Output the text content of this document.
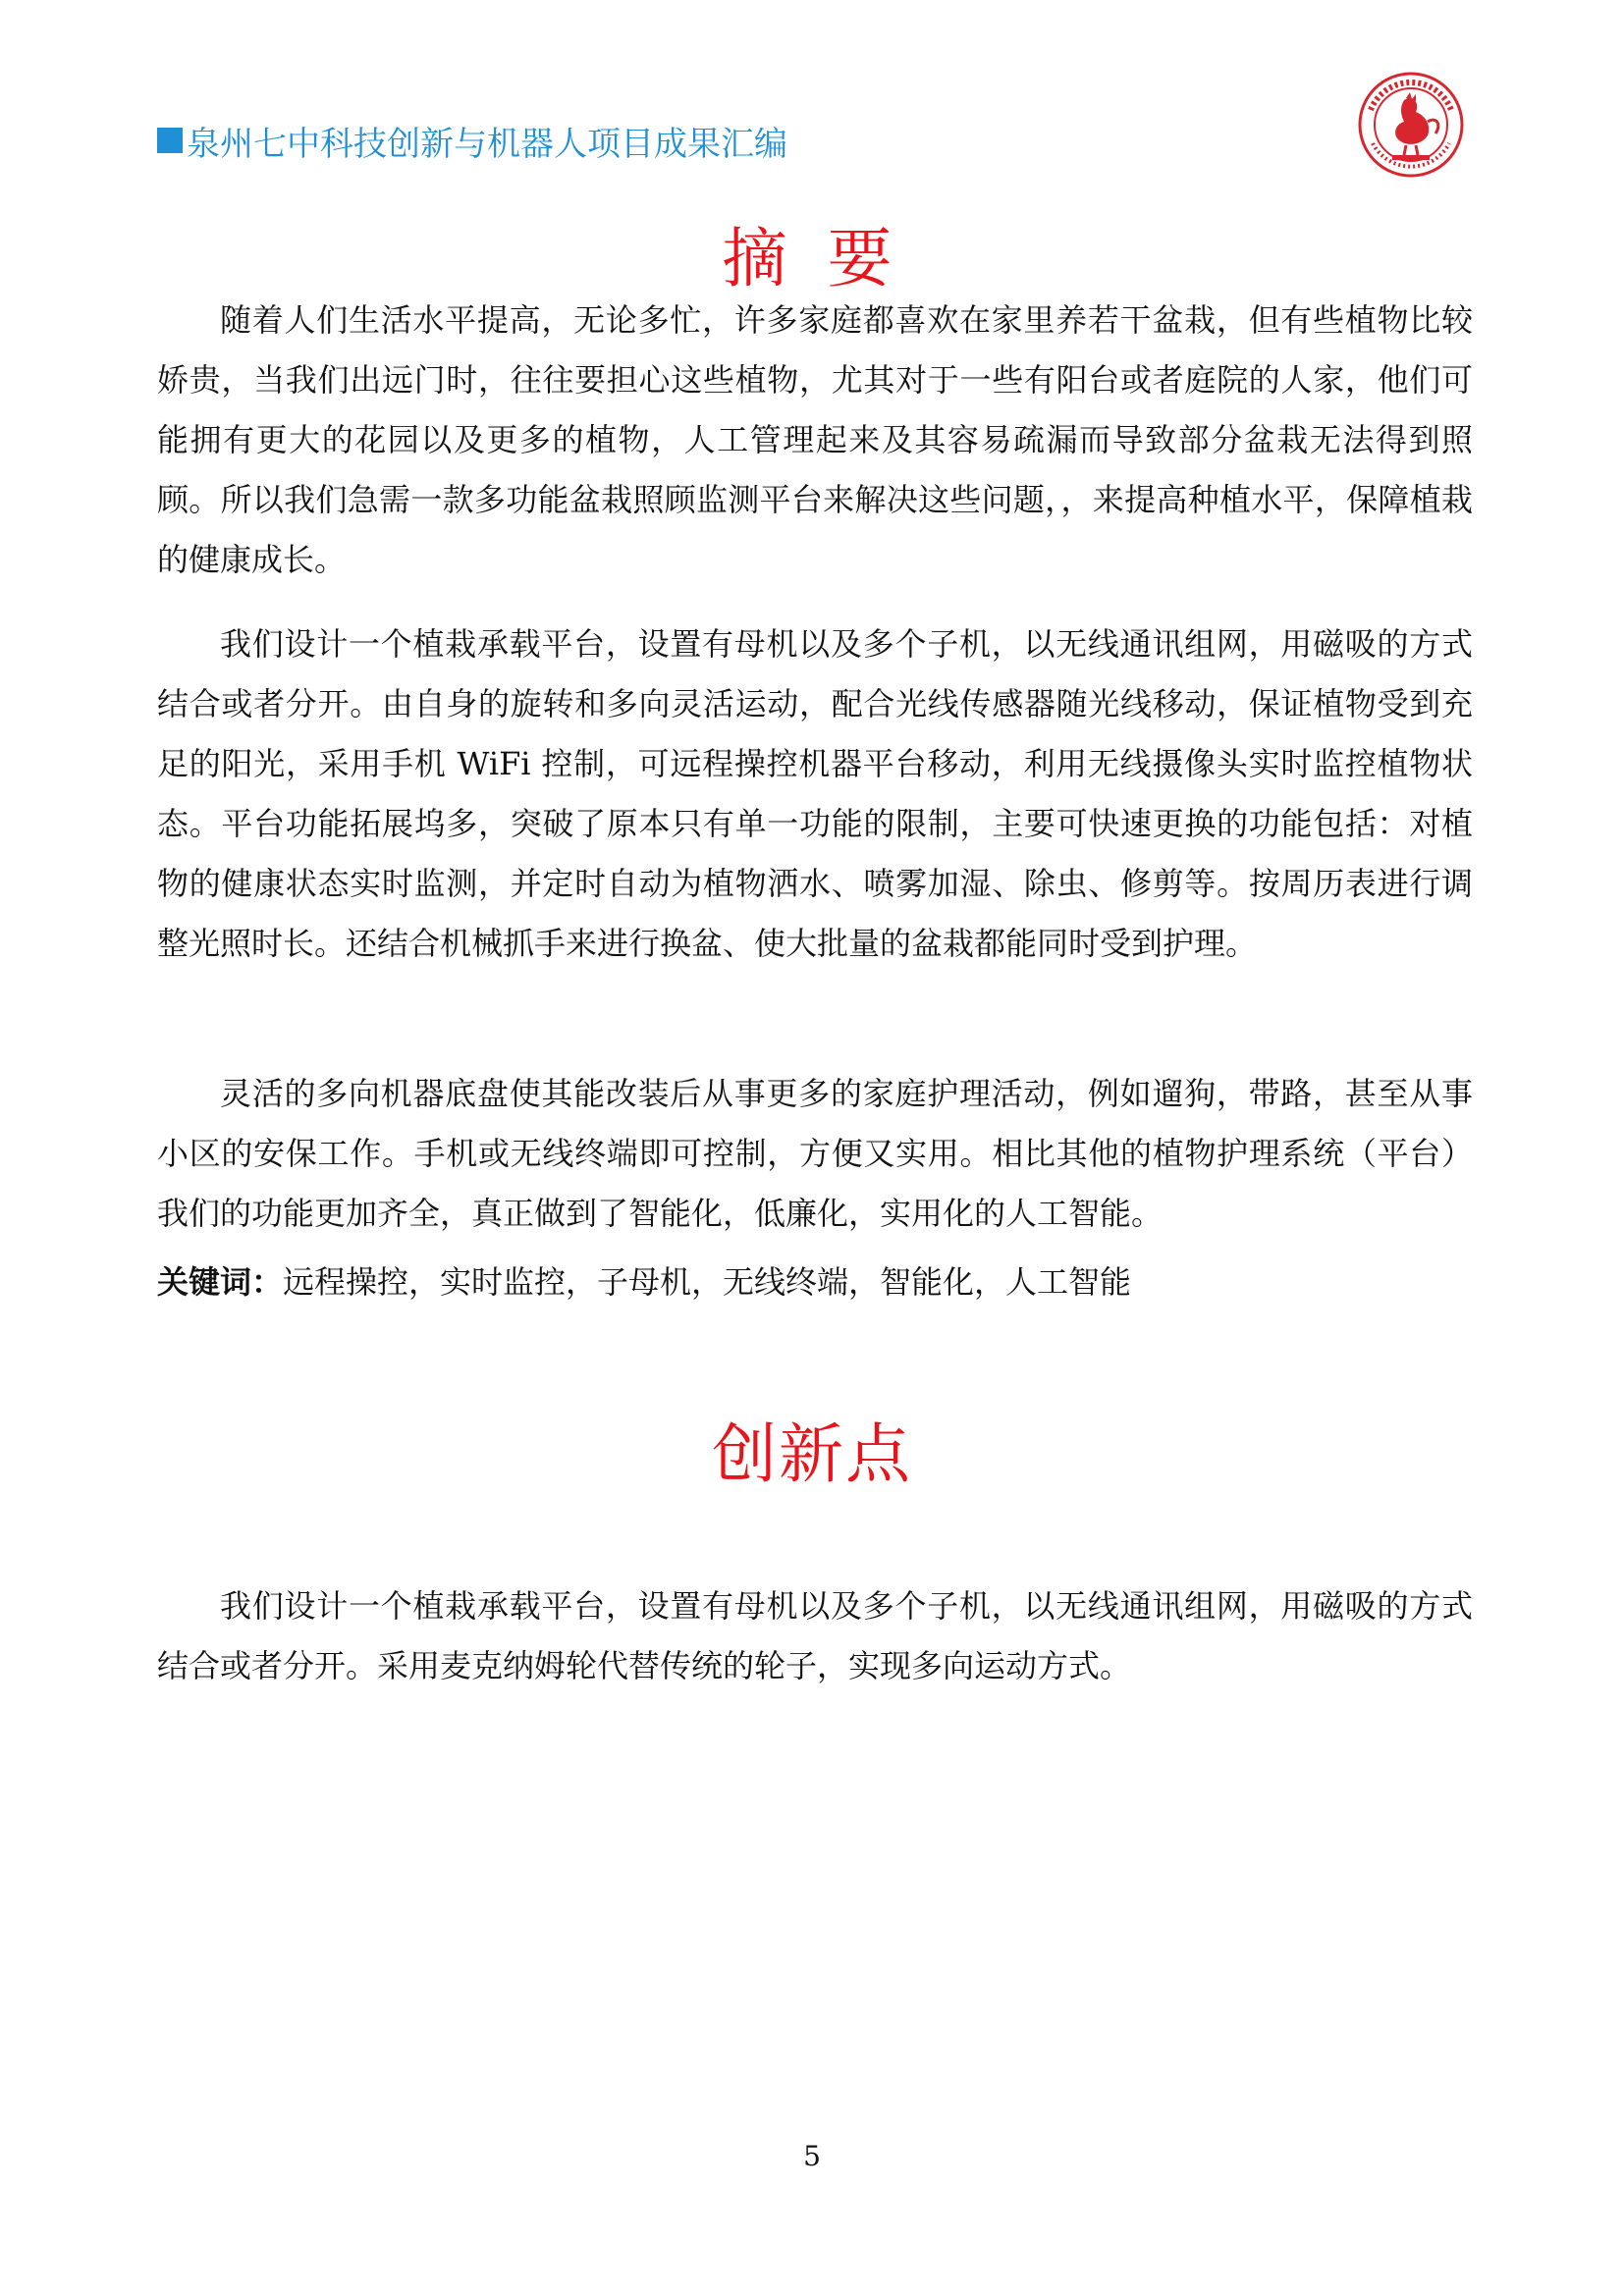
泉州七中科技创新与机器人项目成果汇编
摘 要

随着人们生活水平提高，无论多忙，许多家庭都喜欢在家里养若干盆栽，但有些植物比较娇贵，当我们出远门时，往往要担心这些植物，尤其对于一些有阳台或者庭院的人家，他们可能拥有更大的花园以及更多的植物，人工管理起来及其容易疏漏而导致部分盆栽无法得到照顾。所以我们急需一款多功能盆栽照顾监测平台来解决这些问题，，来提高种植水平，保障植栽的健康成长。

我们设计一个植栽承载平台，设置有母机以及多个子机，以无线通讯组网，用磁吸的方式结合或者分开。由自身的旋转和多向灵活运动，配合光线传感器随光线移动，保证植物受到充足的阳光，采用手机 WiFi 控制，可远程操控机器平台移动，利用无线摄像头实时监控植物状态。平台功能拓展坞多，突破了原本只有单一功能的限制，主要可快速更换的功能包括：对植物的健康状态实时监测，并定时自动为植物洒水、喷雾加湿、除虫、修剪等。按周历表进行调整光照时长。还结合机械抓手来进行换盆、使大批量的盆栽都能同时受到护理。

灵活的多向机器底盘使其能改装后从事更多的家庭护理活动，例如遛狗，带路，甚至从事小区的安保工作。手机或无线终端即可控制，方便又实用。相比其他的植物护理系统（平台）我们的功能更加齐全，真正做到了智能化，低廉化，实用化的人工智能。

关键词：远程操控，实时监控，子母机，无线终端，智能化，人工智能
创新点

我们设计一个植栽承载平台，设置有母机以及多个子机，以无线通讯组网，用磁吸的方式结合或者分开。采用麦克纳姆轮代替传统的轮子，实现多向运动方式。

5
